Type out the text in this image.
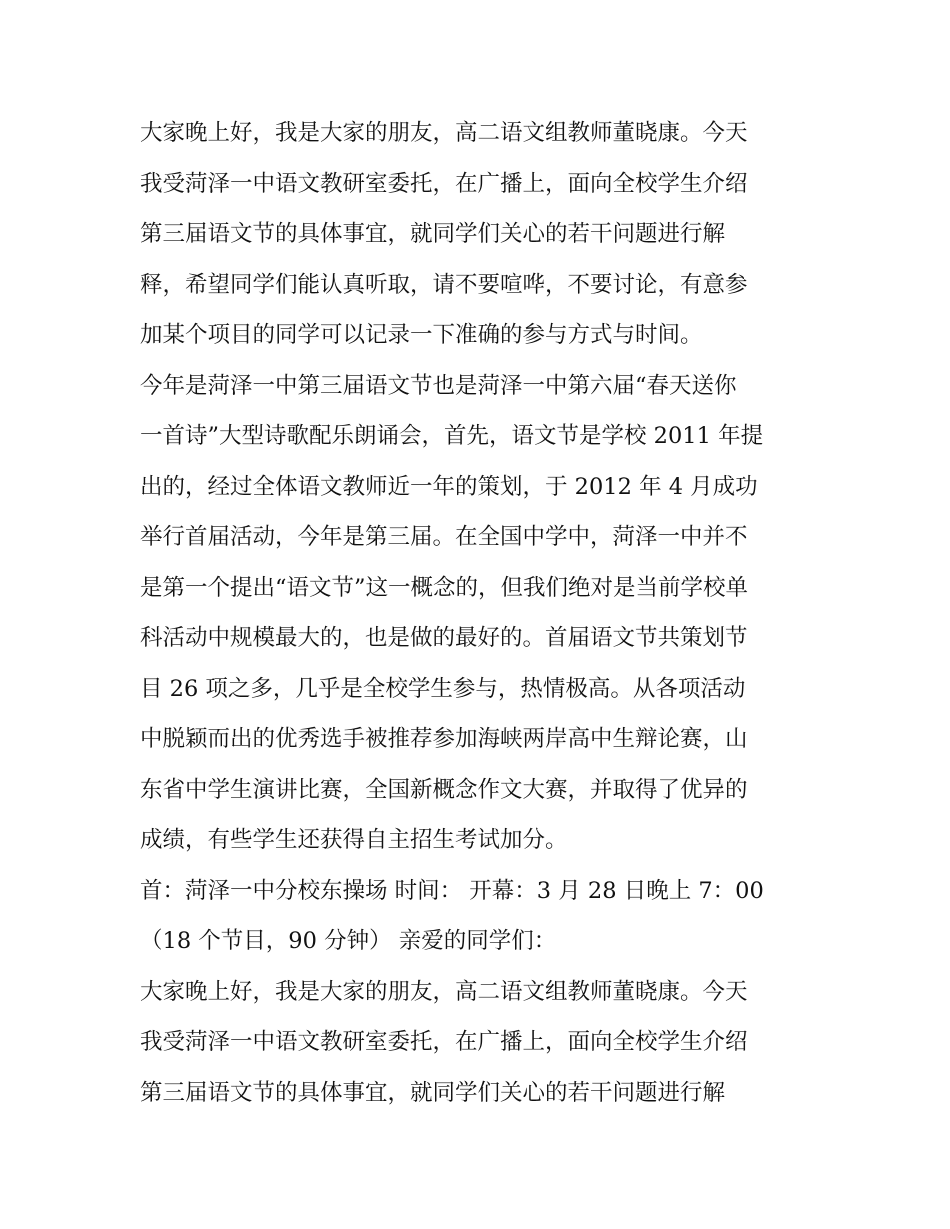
大家晚上好，我是大家的朋友，高二语文组教师董晓康。今天
我受菏泽一中语文教研室委托，在广播上，面向全校学生介绍
第三届语文节的具体事宜，就同学们关心的若干问题进行解
释，希望同学们能认真听取，请不要喧哗，不要讨论，有意参
加某个项目的同学可以记录一下准确的参与方式与时间。
今年是菏泽一中第三届语文节也是菏泽一中第六届“春天送你
一首诗”大型诗歌配乐朗诵会，首先，语文节是学校 2011 年提
出的，经过全体语文教师近一年的策划，于 2012 年 4 月成功
举行首届活动，今年是第三届。在全国中学中，菏泽一中并不
是第一个提出“语文节”这一概念的，但我们绝对是当前学校单
科活动中规模最大的，也是做的最好的。首届语文节共策划节
目 26 项之多，几乎是全校学生参与，热情极高。从各项活动
中脱颖而出的优秀选手被推荐参加海峡两岸高中生辩论赛，山
东省中学生演讲比赛，全国新概念作文大赛，并取得了优异的
成绩，有些学生还获得自主招生考试加分。
首：菏泽一中分校东操场 时间： 开幕：3 月 28 日晚上 7：00
（18 个节目，90 分钟） 亲爱的同学们：
大家晚上好，我是大家的朋友，高二语文组教师董晓康。今天
我受菏泽一中语文教研室委托，在广播上，面向全校学生介绍
第三届语文节的具体事宜，就同学们关心的若干问题进行解
